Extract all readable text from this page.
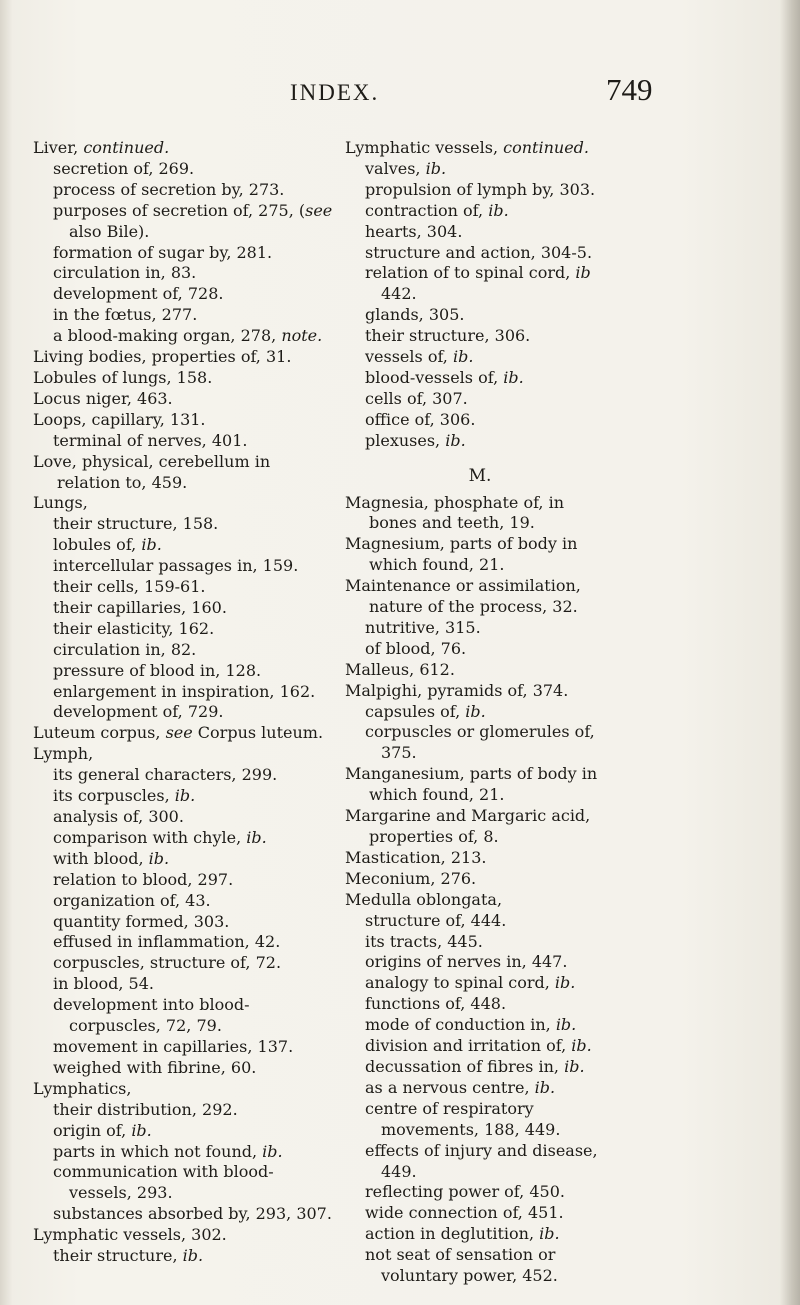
INDEX.	749
Liver, continued.
secretion of, 269.
process of secretion by, 273.
purposes of secretion of, 275, (see also Bile).
formation of sugar by, 281.
circulation in, 83.
development of, 728.
in the fœtus, 277.
a blood-making organ, 278, note.
Living bodies, properties of, 31.
Lobules of lungs, 158.
Locus niger, 463.
Loops, capillary, 131.
terminal of nerves, 401.
Love, physical, cerebellum in relation to, 459.
Lungs,
their structure, 158.
lobules of, ib.
intercellular passages in, 159.
their cells, 159-61.
their capillaries, 160.
their elasticity, 162.
circulation in, 82.
pressure of blood in, 128.
enlargement in inspiration, 162.
development of, 729.
Luteum corpus, see Corpus luteum.
Lymph,
its general characters, 299.
its corpuscles, ib.
analysis of, 300.
comparison with chyle, ib.
with blood, ib.
relation to blood, 297.
organization of, 43.
quantity formed, 303.
effused in inflammation, 42.
corpuscles, structure of, 72.
in blood, 54.
development into blood-corpuscles, 72, 79.
movement in capillaries, 137.
weighed with fibrine, 60.
Lymphatics,
their distribution, 292.
origin of, ib.
parts in which not found, ib.
communication with blood-vessels, 293.
substances absorbed by, 293, 307.
Lymphatic vessels, 302.
their structure, ib.
Lymphatic vessels, continued.
valves, ib.
propulsion of lymph by, 303.
contraction of, ib.
hearts, 304.
structure and action, 304-5.
relation of to spinal cord, ib 442.
glands, 305.
their structure, 306.
vessels of, ib.
blood-vessels of, ib.
cells of, 307.
office of, 306.
plexuses, ib.
M.
Magnesia, phosphate of, in bones and teeth, 19.
Magnesium, parts of body in which found, 21.
Maintenance or assimilation, nature of the process, 32.
nutritive, 315.
of blood, 76.
Malleus, 612.
Malpighi, pyramids of, 374.
capsules of, ib.
corpuscles or glomerules of, 375.
Manganesium, parts of body in which found, 21.
Margarine and Margaric acid, properties of, 8.
Mastication, 213.
Meconium, 276.
Medulla oblongata,
structure of, 444.
its tracts, 445.
origins of nerves in, 447.
analogy to spinal cord, ib.
functions of, 448.
mode of conduction in, ib.
division and irritation of, ib.
decussation of fibres in, ib.
as a nervous centre, ib.
centre of respiratory movements, 188, 449.
effects of injury and disease, 449.
reflecting power of, 450.
wide connection of, 451.
action in deglutition, ib.
not seat of sensation or voluntary power, 452.
